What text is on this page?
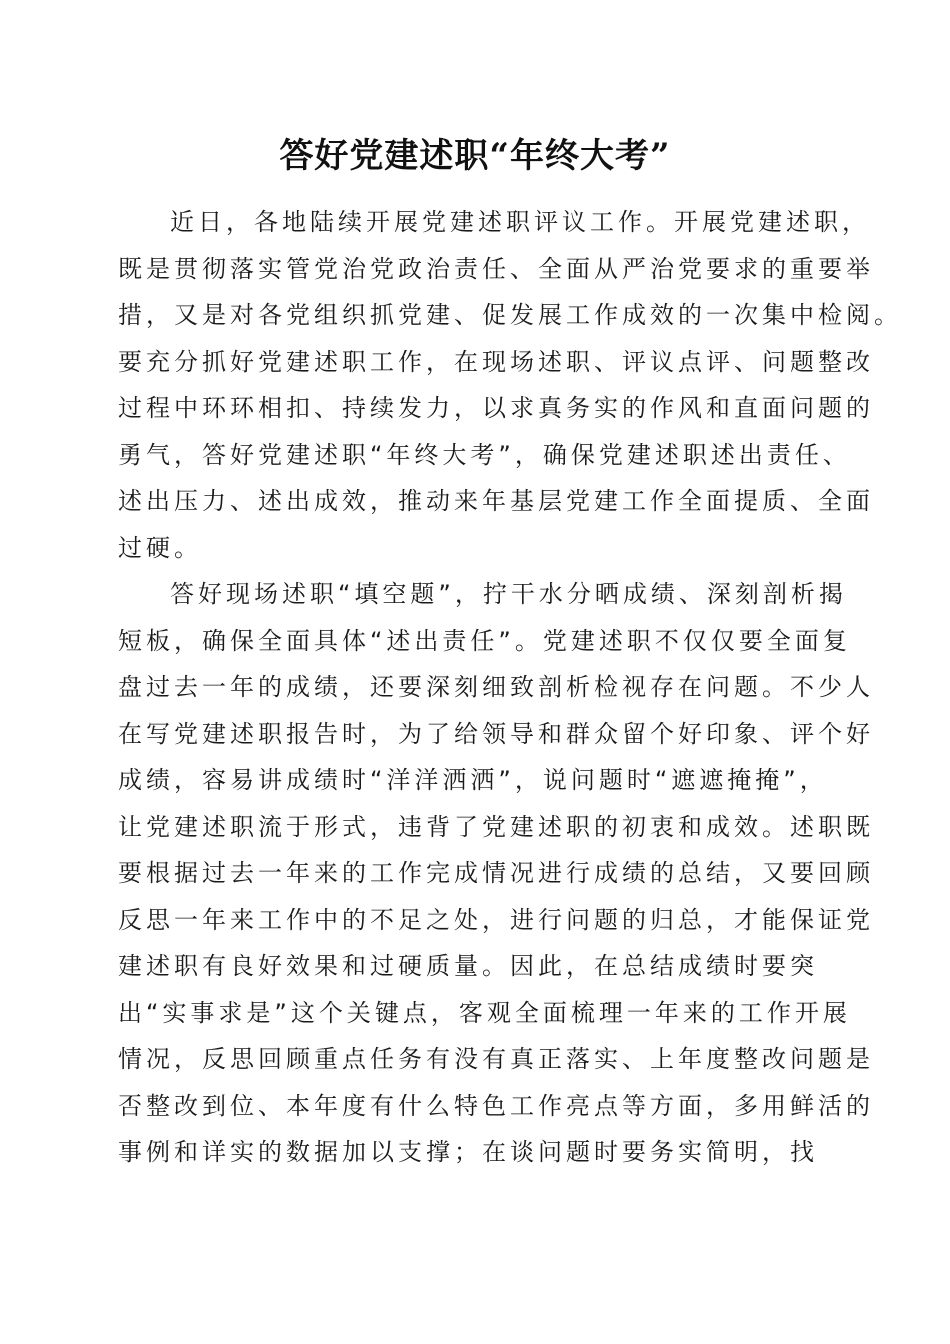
答好党建述职“年终大考”
近日，各地陆续开展党建述职评议工作。开展党建述职，
既是贯彻落实管党治党政治责任、全面从严治党要求的重要举
措，又是对各党组织抓党建、促发展工作成效的一次集中检阅。
要充分抓好党建述职工作，在现场述职、评议点评、问题整改
过程中环环相扣、持续发力，以求真务实的作风和直面问题的
勇气，答好党建述职“年终大考”，确保党建述职述出责任、
述出压力、述出成效，推动来年基层党建工作全面提质、全面
过硬。
答好现场述职“填空题”，拧干水分晒成绩、深刻剖析揭
短板，确保全面具体“述出责任”。党建述职不仅仅要全面复
盘过去一年的成绩，还要深刻细致剖析检视存在问题。不少人
在写党建述职报告时，为了给领导和群众留个好印象、评个好
成绩，容易讲成绩时“洋洋洒洒”，说问题时“遮遮掩掩”，
让党建述职流于形式，违背了党建述职的初衷和成效。述职既
要根据过去一年来的工作完成情况进行成绩的总结，又要回顾
反思一年来工作中的不足之处，进行问题的归总，才能保证党
建述职有良好效果和过硬质量。因此，在总结成绩时要突
出“实事求是”这个关键点，客观全面梳理一年来的工作开展
情况，反思回顾重点任务有没有真正落实、上年度整改问题是
否整改到位、本年度有什么特色工作亮点等方面，多用鲜活的
事例和详实的数据加以支撑；在谈问题时要务实简明，找
